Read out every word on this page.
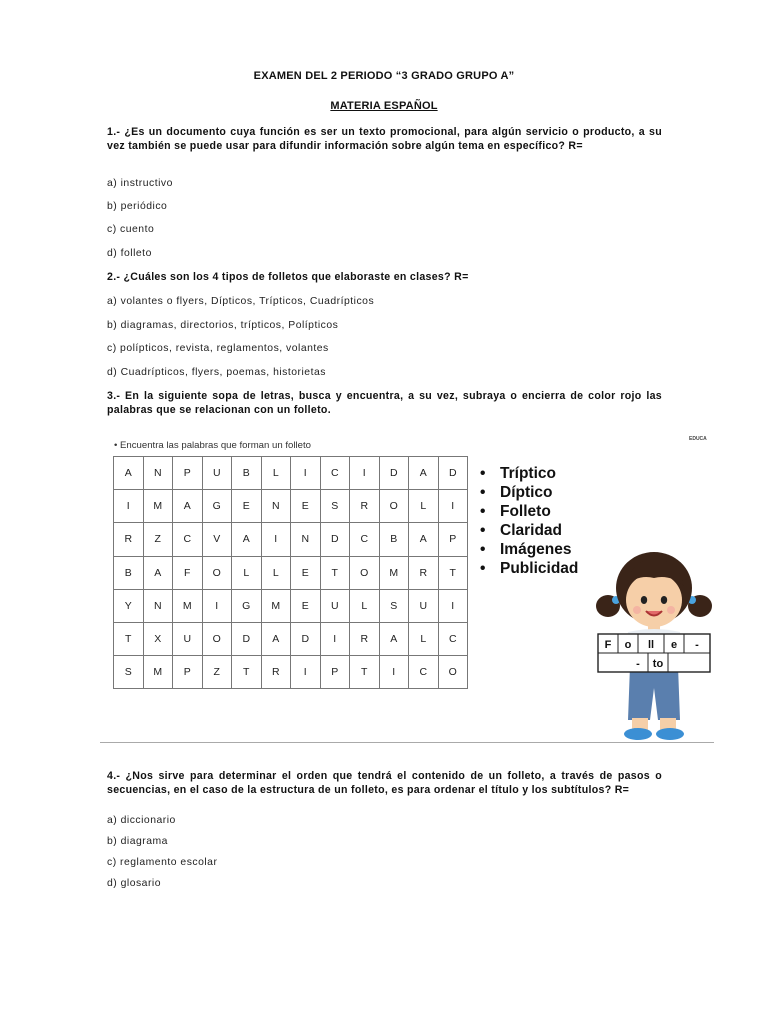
EXAMEN DEL 2 PERIODO “3 GRADO GRUPO A”
MATERIA ESPAÑOL
1.- ¿Es un documento cuya función es ser un texto promocional, para algún servicio o producto, a su vez también se puede usar para difundir información sobre algún tema en específico? R=
a) instructivo
b) periódico
c) cuento
d) folleto
2.- ¿Cuáles son los 4 tipos de folletos que elaboraste en clases? R=
a) volantes o flyers, Dípticos, Trípticos, Cuadrípticos
b) diagramas, directorios, trípticos, Polípticos
c) polípticos, revista, reglamentos, volantes
d) Cuadrípticos, flyers, poemas, historietas
3.- En la siguiente sopa de letras, busca y encuentra, a su vez, subraya o encierra de color rojo las palabras que se relacionan con un folleto.
• Encuentra las palabras que forman un folleto
EDUCA
A	N	P	U	B	L	I	C	I	D	A	D
I	M	A	G	E	N	E	S	R	O	L	I
R	Z	C	V	A	I	N	D	C	B	A	P
B	A	F	O	L	L	E	T	O	M	R	T
Y	N	M	I	G	M	E	U	L	S	U	I
T	X	U	O	D	A	D	I	R	A	L	C
S	M	P	Z	T	R	I	P	T	I	C	O
• Tríptico
• Díptico
• Folleto
• Claridad
• Imágenes
• Publicidad
F o ll e -
- to
4.- ¿Nos sirve para determinar el orden que tendrá el contenido de un folleto, a través de pasos o secuencias, en el caso de la estructura de un folleto, es para ordenar el título y los subtítulos? R=
a) diccionario
b) diagrama
c) reglamento escolar
d) glosario
